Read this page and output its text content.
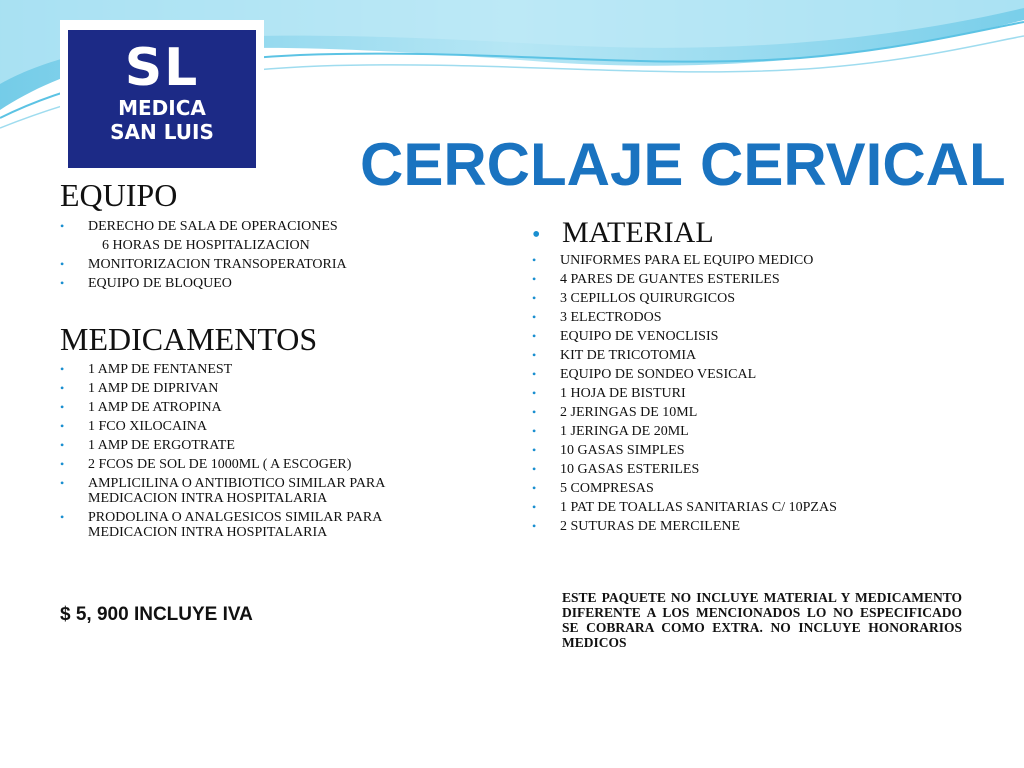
SL
MEDICA
SAN LUIS	CERCLAJE CERVICAL
EQUIPO
• DERECHO DE SALA DE OPERACIONES
6 HORAS DE HOSPITALIZACION
• MONITORIZACION TRANSOPERATORIA
• EQUIPO DE BLOQUEO
MEDICAMENTOS
• 1 AMP DE FENTANEST
• 1 AMP DE DIPRIVAN
• 1 AMP DE ATROPINA
• 1 FCO XILOCAINA
• 1 AMP DE ERGOTRATE
• 2 FCOS DE SOL DE 1000ML ( A ESCOGER)
• AMPLICILINA O ANTIBIOTICO SIMILAR PARA MEDICACION INTRA HOSPITALARIA
• PRODOLINA O ANALGESICOS SIMILAR PARA MEDICACION INTRA HOSPITALARIA
• MATERIAL
• UNIFORMES PARA EL EQUIPO MEDICO
• 4 PARES DE GUANTES ESTERILES
• 3 CEPILLOS QUIRURGICOS
• 3 ELECTRODOS
• EQUIPO DE VENOCLISIS
• KIT DE TRICOTOMIA
• EQUIPO DE SONDEO VESICAL
• 1 HOJA DE BISTURI
• 2 JERINGAS DE 10ML
• 1 JERINGA DE 20ML
• 10 GASAS SIMPLES
• 10 GASAS ESTERILES
• 5 COMPRESAS
• 1 PAT DE TOALLAS SANITARIAS C/ 10PZAS
• 2 SUTURAS DE MERCILENE
$ 5, 900 INCLUYE IVA
ESTE PAQUETE NO INCLUYE MATERIAL Y MEDICAMENTO DIFERENTE A LOS MENCIONADOS LO NO ESPECIFICADO SE COBRARA COMO EXTRA. NO INCLUYE HONORARIOS MEDICOS
